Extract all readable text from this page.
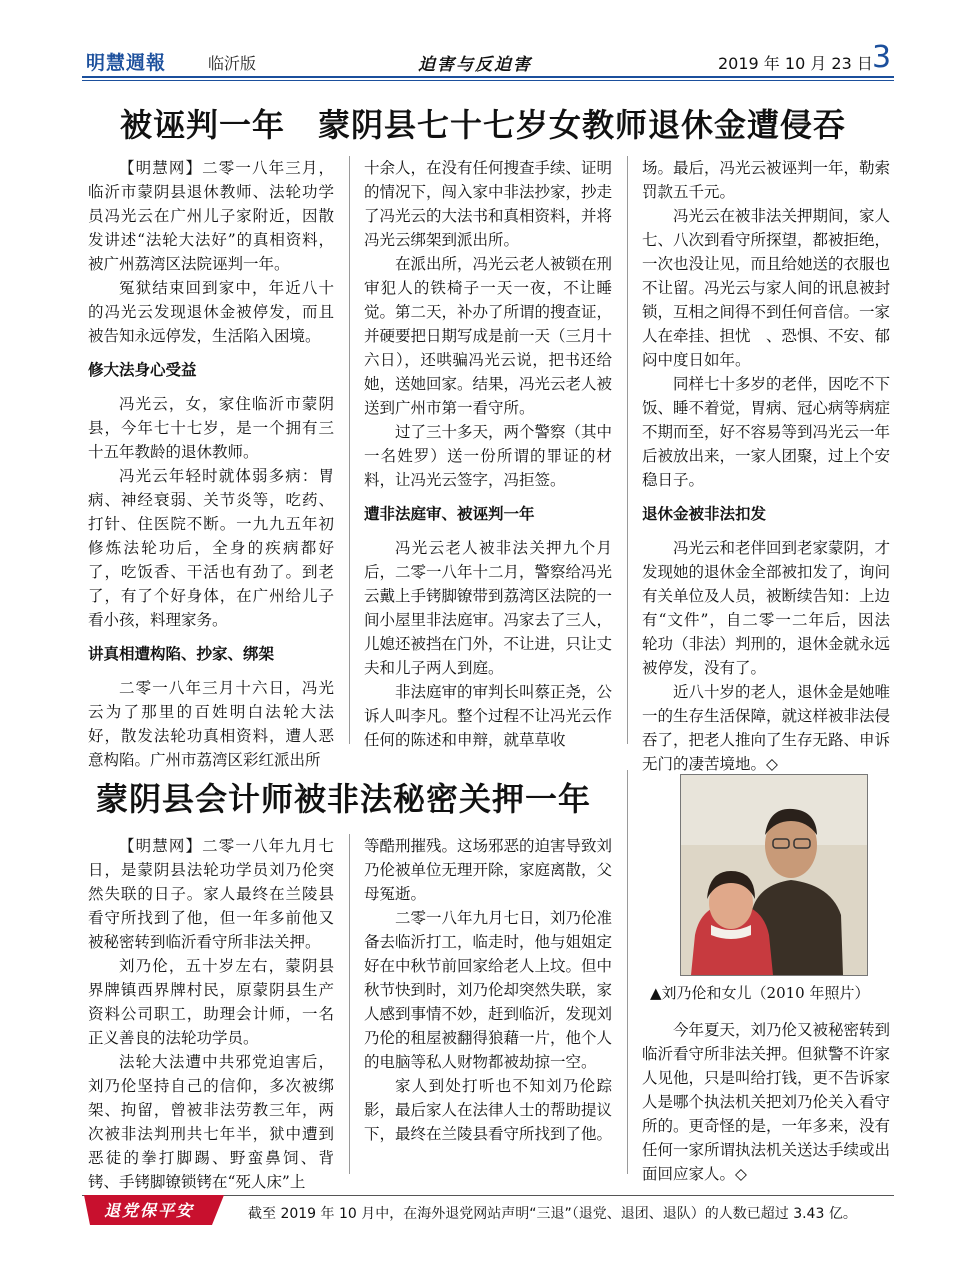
明慧週報	临沂版	迫害与反迫害	2019 年 10 月 23 日 3
被诬判一年　蒙阴县七十七岁女教师退休金遭侵吞

【明慧网】二零一八年三月，临沂市蒙阴县退休教师、法轮功学员冯光云在广州儿子家附近，因散发讲述“法轮大法好”的真相资料，被广州荔湾区法院诬判一年。

冤狱结束回到家中，年近八十的冯光云发现退休金被停发，而且被告知永远停发，生活陷入困境。

修大法身心受益

冯光云，女，家住临沂市蒙阴县，今年七十七岁，是一个拥有三十五年教龄的退休教师。

冯光云年轻时就体弱多病：胃病、神经衰弱、关节炎等，吃药、打针、住医院不断。一九九五年初修炼法轮功后，全身的疾病都好了，吃饭香、干活也有劲了。到老了，有了个好身体，在广州给儿子看小孩，料理家务。

讲真相遭构陷、抄家、绑架

二零一八年三月十六日，冯光云为了那里的百姓明白法轮大法好，散发法轮功真相资料，遭人恶意构陷。广州市荔湾区彩红派出所

十余人，在没有任何搜查手续、证明的情况下，闯入家中非法抄家，抄走了冯光云的大法书和真相资料，并将冯光云绑架到派出所。

在派出所，冯光云老人被锁在刑审犯人的铁椅子一天一夜，不让睡觉。第二天，补办了所谓的搜查证，并硬要把日期写成是前一天（三月十六日），还哄骗冯光云说，把书还给她，送她回家。结果，冯光云老人被送到广州市第一看守所。

过了三十多天，两个警察（其中一名姓罗）送一份所谓的罪证的材料，让冯光云签字，冯拒签。

遭非法庭审、被诬判一年

冯光云老人被非法关押九个月后，二零一八年十二月，警察给冯光云戴上手铐脚镣带到荔湾区法院的一间小屋里非法庭审。冯家去了三人，儿媳还被挡在门外，不让进，只让丈夫和儿子两人到庭。

非法庭审的审判长叫蔡正尧，公诉人叫李凡。整个过程不让冯光云作任何的陈述和申辩，就草草收

场。最后，冯光云被诬判一年，勒索罚款五千元。

冯光云在被非法关押期间，家人七、八次到看守所探望，都被拒绝，一次也没让见，而且给她送的衣服也不让留。冯光云与家人间的讯息被封锁，互相之间得不到任何音信。一家人在牵挂、担忧　、恐惧、不安、郁闷中度日如年。

同样七十多岁的老伴，因吃不下饭、睡不着觉，胃病、冠心病等病症不期而至，好不容易等到冯光云一年后被放出来，一家人团聚，过上个安稳日子。

退休金被非法扣发

冯光云和老伴回到老家蒙阴，才发现她的退休金全部被扣发了，询问有关单位及人员，被断续告知：上边有“文件”，自二零一二年后，因法轮功（非法）判刑的，退休金就永远被停发，没有了。

近八十岁的老人，退休金是她唯一的生存生活保障，就这样被非法侵吞了，把老人推向了生存无路、申诉无门的凄苦境地。◇

蒙阴县会计师被非法秘密关押一年
▲刘乃伦和女儿（2010 年照片）

【明慧网】二零一八年九月七日，是蒙阴县法轮功学员刘乃伦突然失联的日子。家人最终在兰陵县看守所找到了他，但一年多前他又被秘密转到临沂看守所非法关押。

刘乃伦，五十岁左右，蒙阴县界牌镇西界牌村民，原蒙阴县生产资料公司职工，助理会计师，一名正义善良的法轮功学员。

法轮大法遭中共邪党迫害后，刘乃伦坚持自己的信仰，多次被绑架、拘留，曾被非法劳教三年，两次被非法判刑共七年半，狱中遭到恶徒的拳打脚踢、野蛮鼻饲、背铐、手铐脚镣锁铐在“死人床”上

等酷刑摧残。这场邪恶的迫害导致刘乃伦被单位无理开除，家庭离散，父母冤逝。

二零一八年九月七日，刘乃伦准备去临沂打工，临走时，他与姐姐定好在中秋节前回家给老人上坟。但中秋节快到时，刘乃伦却突然失联，家人感到事情不妙，赶到临沂，发现刘乃伦的租屋被翻得狼藉一片，他个人的电脑等私人财物都被劫掠一空。

家人到处打听也不知刘乃伦踪影，最后家人在法律人士的帮助提议下，最终在兰陵县看守所找到了他。

今年夏天，刘乃伦又被秘密转到临沂看守所非法关押。但狱警不许家人见他，只是叫给打钱，更不告诉家人是哪个执法机关把刘乃伦关入看守所的。更奇怪的是，一年多来，没有任何一家所谓执法机关送达手续或出面回应家人。◇

退党保平安	截至 2019 年 10 月中，在海外退党网站声明“三退”（退党、退团、退队）的人数已超过 3.43 亿。
